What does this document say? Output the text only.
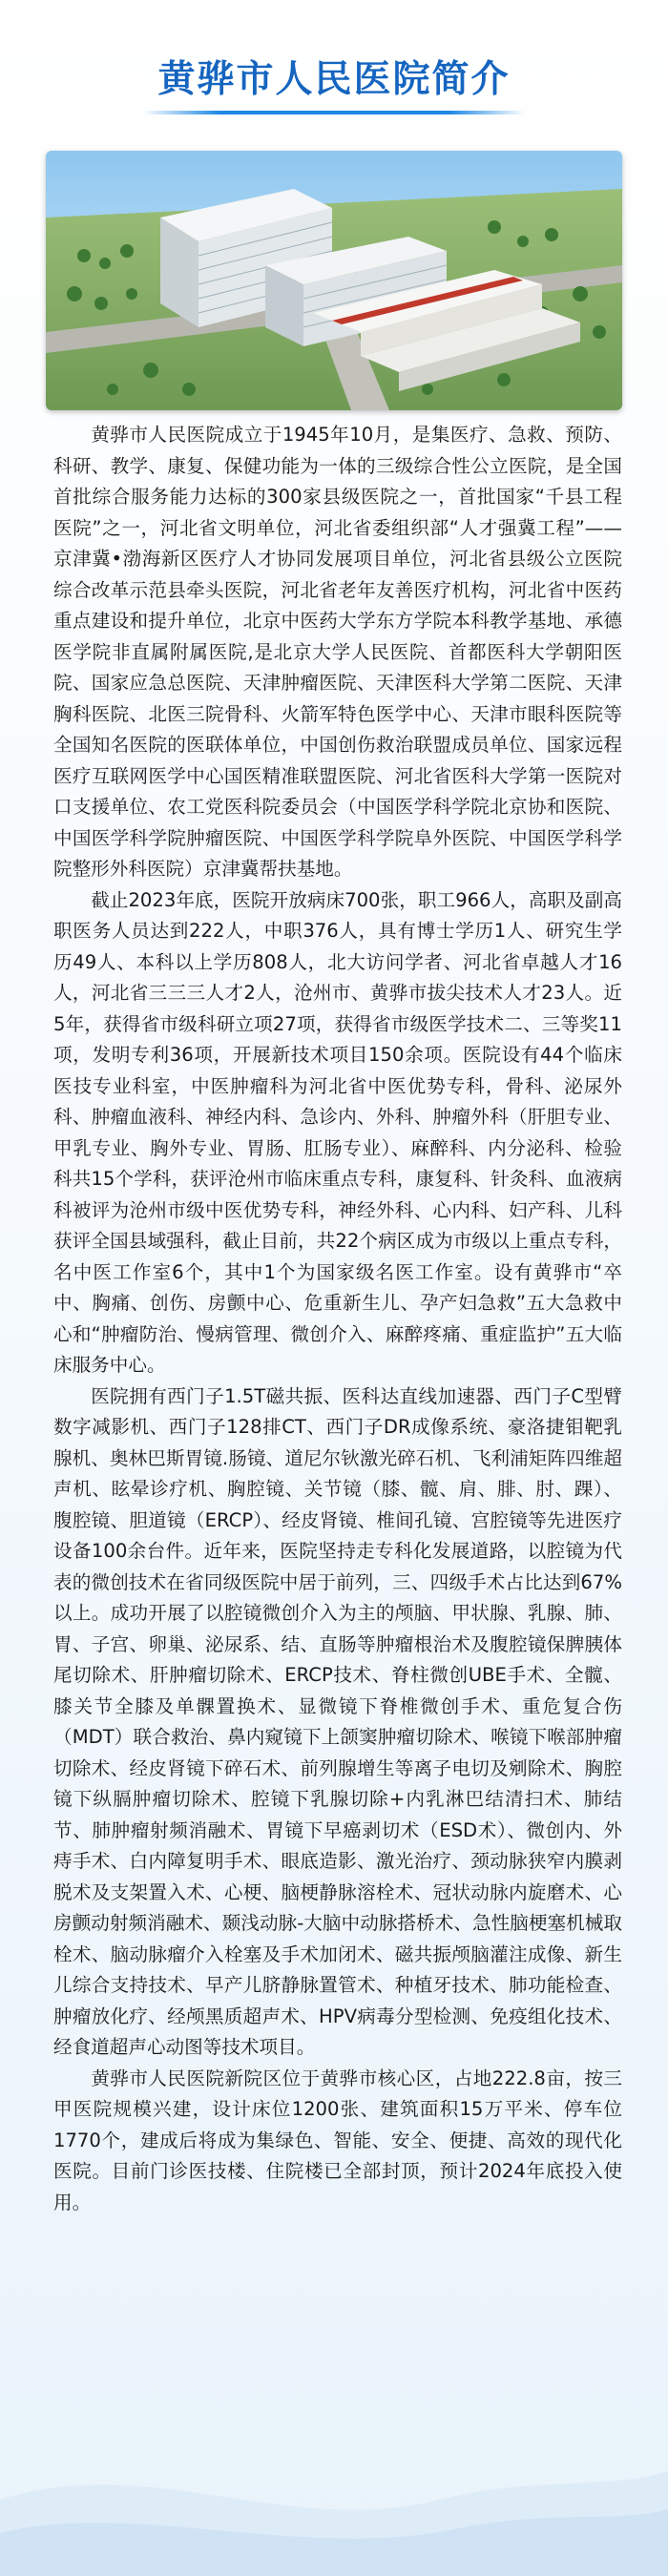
黄骅市人民医院简介

黄骅市人民医院成立于1945年10月，是集医疗、急救、预防、科研、教学、康复、保健功能为一体的三级综合性公立医院，是全国首批综合服务能力达标的300家县级医院之一，首批国家“千县工程医院”之一，河北省文明单位，河北省委组织部“人才强冀工程”——京津冀•渤海新区医疗人才协同发展项目单位，河北省县级公立医院综合改革示范县牵头医院，河北省老年友善医疗机构，河北省中医药重点建设和提升单位，北京中医药大学东方学院本科教学基地、承德医学院非直属附属医院,是北京大学人民医院、首都医科大学朝阳医院、国家应急总医院、天津肿瘤医院、天津医科大学第二医院、天津胸科医院、北医三院骨科、火箭军特色医学中心、天津市眼科医院等全国知名医院的医联体单位，中国创伤救治联盟成员单位、国家远程医疗互联网医学中心国医精准联盟医院、河北省医科大学第一医院对口支援单位、农工党医科院委员会（中国医学科学院北京协和医院、中国医学科学院肿瘤医院、中国医学科学院阜外医院、中国医学科学院整形外科医院）京津冀帮扶基地。

截止2023年底，医院开放病床700张，职工966人，高职及副高职医务人员达到222人，中职376人，具有博士学历1人、研究生学历49人、本科以上学历808人，北大访问学者、河北省卓越人才16人，河北省三三三人才2人，沧州市、黄骅市拔尖技术人才23人。近5年，获得省市级科研立项27项，获得省市级医学技术二、三等奖11项，发明专利36项，开展新技术项目150余项。医院设有44个临床医技专业科室，中医肿瘤科为河北省中医优势专科，骨科、泌尿外科、肿瘤血液科、神经内科、急诊内、外科、肿瘤外科（肝胆专业、甲乳专业、胸外专业、胃肠、肛肠专业）、麻醉科、内分泌科、检验科共15个学科，获评沧州市临床重点专科，康复科、针灸科、血液病科被评为沧州市级中医优势专科，神经外科、心内科、妇产科、儿科获评全国县域强科，截止目前，共22个病区成为市级以上重点专科，名中医工作室6个，其中1个为国家级名医工作室。设有黄骅市“卒中、胸痛、创伤、房颤中心、危重新生儿、孕产妇急救”五大急救中心和“肿瘤防治、慢病管理、微创介入、麻醉疼痛、重症监护”五大临床服务中心。

医院拥有西门子1.5T磁共振、医科达直线加速器、西门子C型臂数字减影机、西门子128排CT、西门子DR成像系统、豪洛捷钼靶乳腺机、奥林巴斯胃镜.肠镜、道尼尔钬激光碎石机、飞利浦矩阵四维超声机、眩晕诊疗机、胸腔镜、关节镜（膝、髋、肩、腓、肘、踝）、腹腔镜、胆道镜（ERCP）、经皮肾镜、椎间孔镜、宫腔镜等先进医疗设备100余台件。近年来，医院坚持走专科化发展道路，以腔镜为代表的微创技术在省同级医院中居于前列，三、四级手术占比达到67%以上。成功开展了以腔镜微创介入为主的颅脑、甲状腺、乳腺、肺、胃、子宫、卵巢、泌尿系、结、直肠等肿瘤根治术及腹腔镜保脾胰体尾切除术、肝肿瘤切除术、ERCP技术、脊柱微创UBE手术、全髋、膝关节全膝及单髁置换术、显微镜下脊椎微创手术、重危复合伤（MDT）联合救治、鼻内窥镜下上颌窦肿瘤切除术、喉镜下喉部肿瘤切除术、经皮肾镜下碎石术、前列腺增生等离子电切及剜除术、胸腔镜下纵膈肿瘤切除术、腔镜下乳腺切除+内乳淋巴结清扫术、肺结节、肺肿瘤射频消融术、胃镜下早癌剥切术（ESD术）、微创内、外痔手术、白内障复明手术、眼底造影、激光治疗、颈动脉狭窄内膜剥脱术及支架置入术、心梗、脑梗静脉溶栓术、冠状动脉内旋磨术、心房颤动射频消融术、颞浅动脉-大脑中动脉搭桥术、急性脑梗塞机械取栓术、脑动脉瘤介入栓塞及手术加闭术、磁共振颅脑灌注成像、新生儿综合支持技术、早产儿脐静脉置管术、种植牙技术、肺功能检查、肿瘤放化疗、经颅黑质超声术、HPV病毒分型检测、免疫组化技术、经食道超声心动图等技术项目。

黄骅市人民医院新院区位于黄骅市核心区，占地222.8亩，按三甲医院规模兴建，设计床位1200张、建筑面积15万平米、停车位1770个，建成后将成为集绿色、智能、安全、便捷、高效的现代化医院。目前门诊医技楼、住院楼已全部封顶，预计2024年底投入使用。
